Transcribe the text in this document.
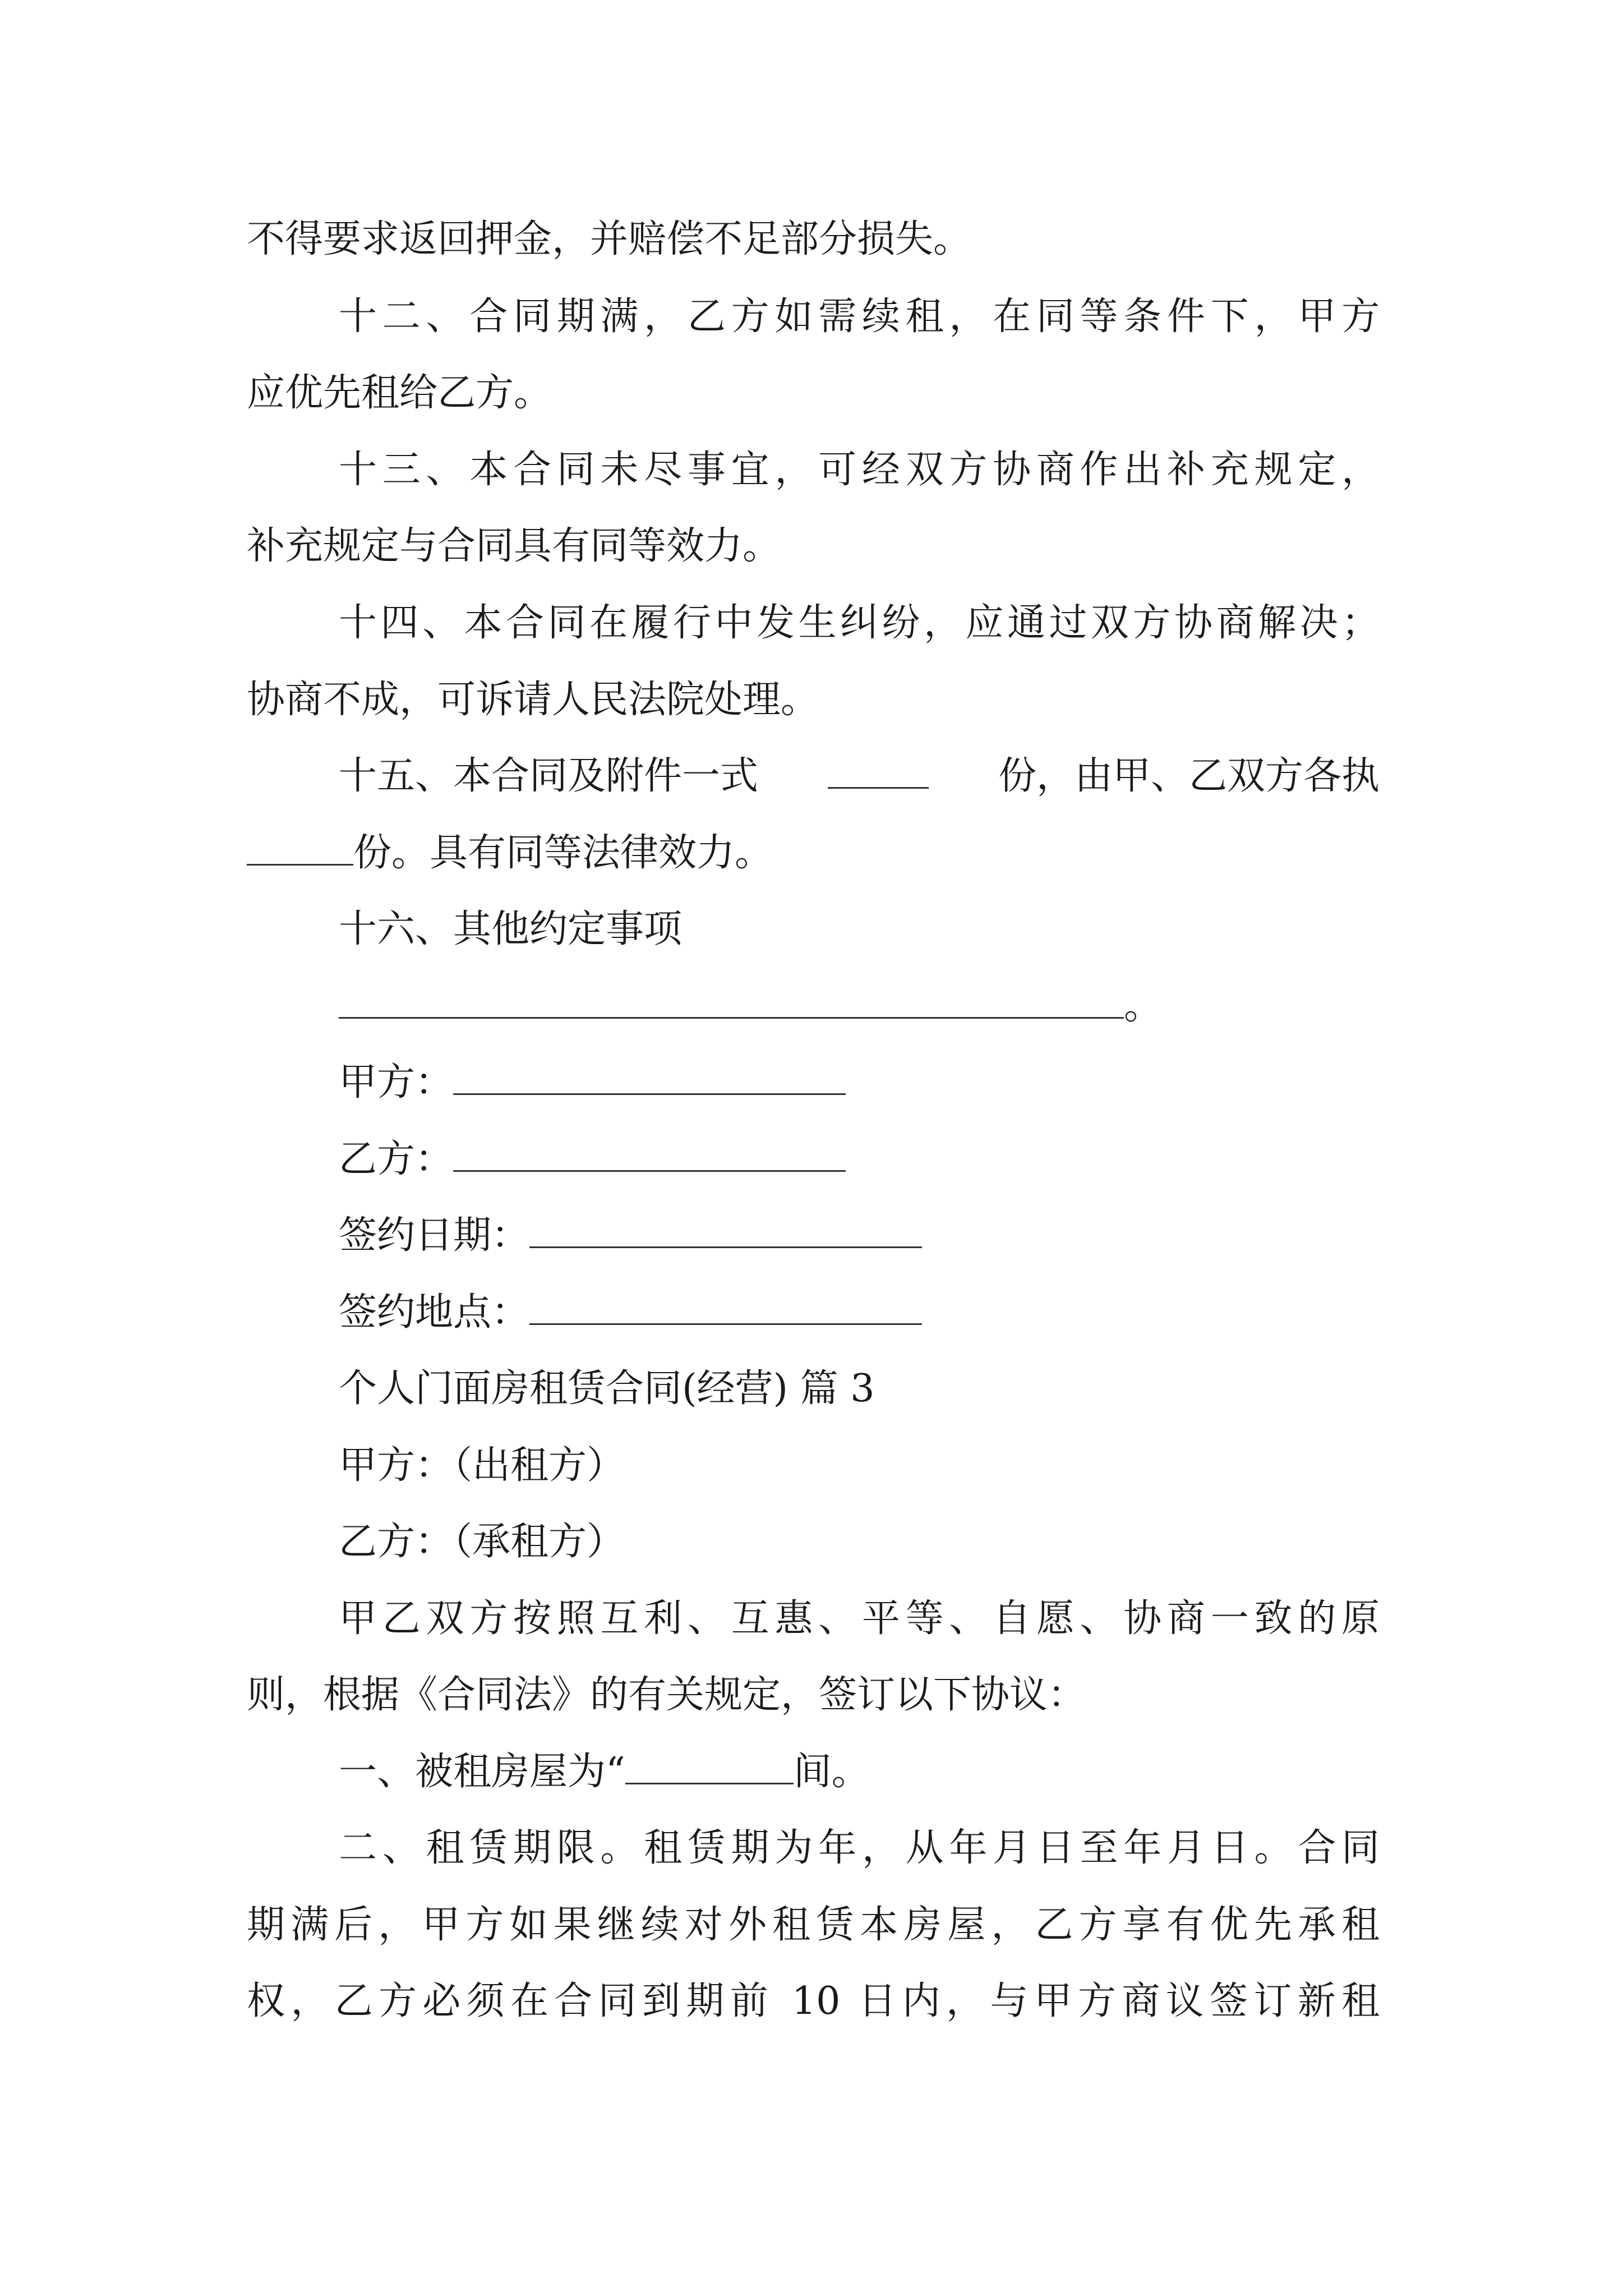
不得要求返回押金，并赔偿不足部分损失。
十二、合同期满，乙方如需续租，在同等条件下，甲方
应优先租给乙方。
十三、本合同未尽事宜，可经双方协商作出补充规定，
补充规定与合同具有同等效力。
十四、本合同在履行中发生纠纷，应通过双方协商解决；
协商不成，可诉请人民法院处理。
十五、本合同及附件一式	份，由甲、乙双方各执
份。具有同等法律效力。
十六、其他约定事项
。
甲方：
乙方：
签约日期：
签约地点：
个人门面房租赁合同(经营) 篇 3
甲方：（出租方）
乙方：（承租方）
甲乙双方按照互利、互惠、平等、自愿、协商一致的原
则，根据《合同法》的有关规定，签订以下协议：
一、被租房屋为“	间。
二、租赁期限。租赁期为年，从年月日至年月日。合同
期满后，甲方如果继续对外租赁本房屋，乙方享有优先承租
权，乙方必须在合同到期前 10 日内，与甲方商议签订新租
